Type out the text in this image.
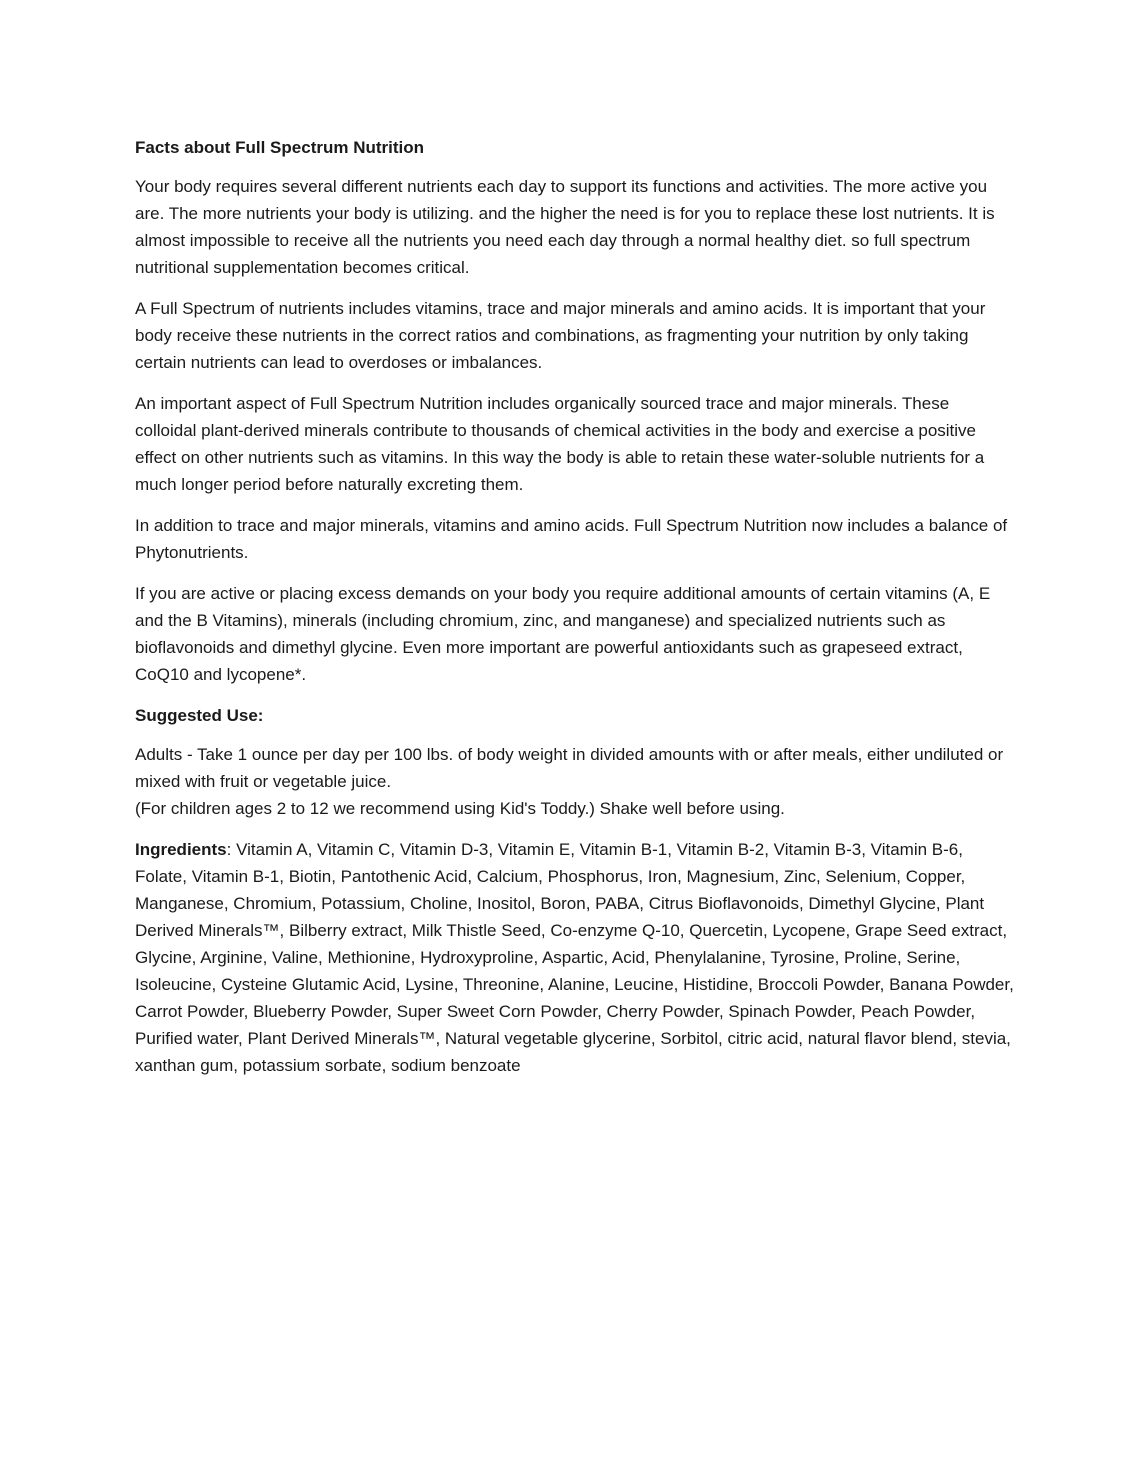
Facts about Full Spectrum Nutrition

Your body requires several different nutrients each day to support its functions and activities. The more active you are. The more nutrients your body is utilizing. and the higher the need is for you to replace these lost nutrients. It is almost impossible to receive all the nutrients you need each day through a normal healthy diet. so full spectrum nutritional supplementation becomes critical.

A Full Spectrum of nutrients includes vitamins, trace and major minerals and amino acids. It is important that your body receive these nutrients in the correct ratios and combinations, as fragmenting your nutrition by only taking certain nutrients can lead to overdoses or imbalances.

An important aspect of Full Spectrum Nutrition includes organically sourced trace and major minerals. These colloidal plant-derived minerals contribute to thousands of chemical activities in the body and exercise a positive effect on other nutrients such as vitamins. In this way the body is able to retain these water-soluble nutrients for a much longer period before naturally excreting them.

In addition to trace and major minerals, vitamins and amino acids. Full Spectrum Nutrition now includes a balance of Phytonutrients.

If you are active or placing excess demands on your body you require additional amounts of certain vitamins (A, E and the B Vitamins), minerals (including chromium, zinc, and manganese) and specialized nutrients such as bioflavonoids and dimethyl glycine. Even more important are powerful antioxidants such as grapeseed extract, CoQ10 and lycopene*.

Suggested Use:

Adults - Take 1 ounce per day per 100 lbs. of body weight in divided amounts with or after meals, either undiluted or mixed with fruit or vegetable juice.
(For children ages 2 to 12 we recommend using Kid's Toddy.) Shake well before using.

Ingredients: Vitamin A, Vitamin C, Vitamin D-3, Vitamin E, Vitamin B-1, Vitamin B-2, Vitamin B-3, Vitamin B-6, Folate, Vitamin B-1, Biotin, Pantothenic Acid, Calcium, Phosphorus, Iron, Magnesium, Zinc, Selenium, Copper, Manganese, Chromium, Potassium, Choline, Inositol, Boron, PABA, Citrus Bioflavonoids, Dimethyl Glycine, Plant Derived Minerals™, Bilberry extract, Milk Thistle Seed, Co-enzyme Q-10, Quercetin, Lycopene, Grape Seed extract, Glycine, Arginine, Valine, Methionine, Hydroxyproline, Aspartic, Acid, Phenylalanine, Tyrosine, Proline, Serine, Isoleucine, Cysteine Glutamic Acid, Lysine, Threonine, Alanine, Leucine, Histidine, Broccoli Powder, Banana Powder, Carrot Powder, Blueberry Powder, Super Sweet Corn Powder, Cherry Powder, Spinach Powder, Peach Powder, Purified water, Plant Derived Minerals™, Natural vegetable glycerine, Sorbitol, citric acid, natural flavor blend, stevia, xanthan gum, potassium sorbate, sodium benzoate
